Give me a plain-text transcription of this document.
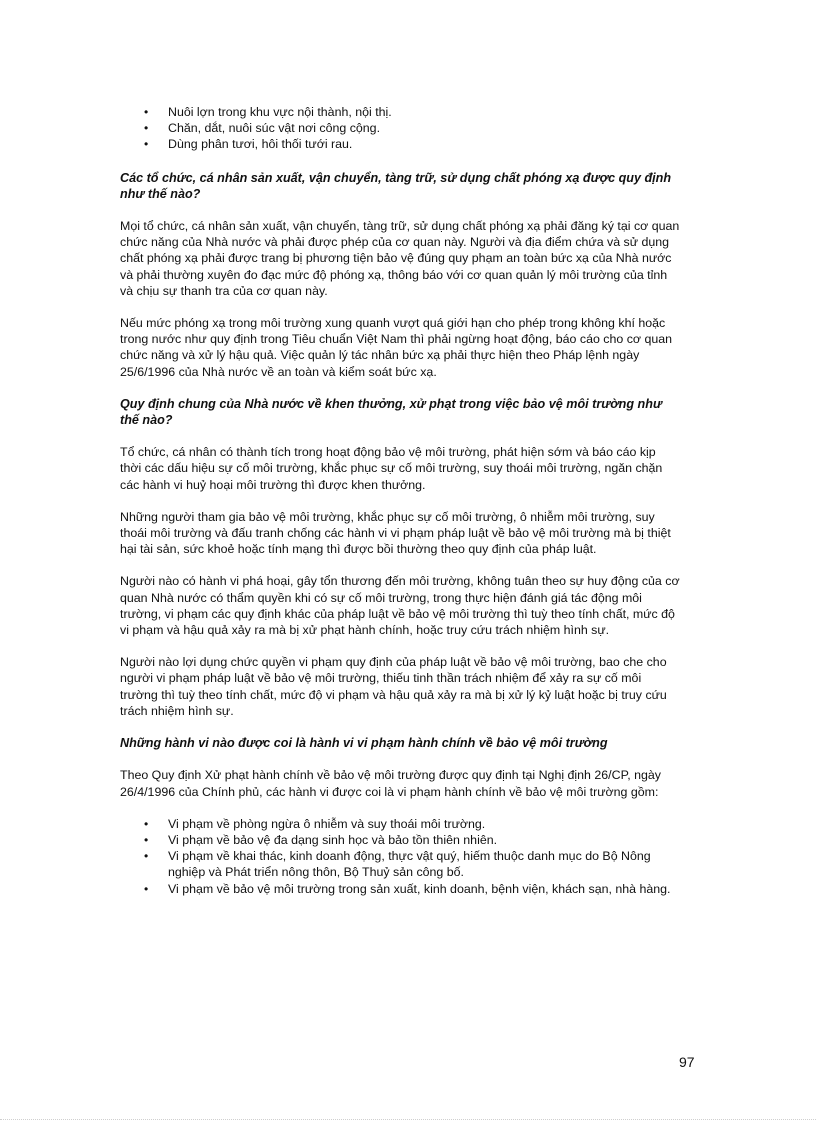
• Nuôi lợn trong khu vực nội thành, nội thị.
• Chăn, dắt, nuôi súc vật nơi công cộng.
• Dùng phân tươi, hôi thối tưới rau.

Các tổ chức, cá nhân sản xuất, vận chuyển, tàng trữ, sử dụng chất phóng xạ được quy định như thế nào?

Mọi tổ chức, cá nhân sản xuất, vận chuyển, tàng trữ, sử dụng chất phóng xạ phải đăng ký tại cơ quan chức năng của Nhà nước và phải được phép của cơ quan này. Người và địa điểm chứa và sử dụng chất phóng xạ phải được trang bị phương tiện bảo vệ đúng quy phạm an toàn bức xạ của Nhà nước và phải thường xuyên đo đạc mức độ phóng xạ, thông báo với cơ quan quản lý môi trường của tỉnh và chịu sự thanh tra của cơ quan này.

Nếu mức phóng xạ trong môi trường xung quanh vượt quá giới hạn cho phép trong không khí hoặc trong nước như quy định trong Tiêu chuẩn Việt Nam thì phải ngừng hoạt động, báo cáo cho cơ quan chức năng và xử lý hậu quả. Việc quản lý tác nhân bức xạ phải thực hiện theo Pháp lệnh ngày 25/6/1996 của Nhà nước về an toàn và kiểm soát bức xạ.

Quy định chung của Nhà nước về khen thưởng, xử phạt trong việc bảo vệ môi trường như thế nào?

Tổ chức, cá nhân có thành tích trong hoạt động bảo vệ môi trường, phát hiện sớm và báo cáo kịp thời các dấu hiệu sự cố môi trường, khắc phục sự cố môi trường, suy thoái môi trường, ngăn chặn các hành vi huỷ hoại môi trường thì được khen thưởng.

Những người tham gia bảo vệ môi trường, khắc phục sự cố môi trường, ô nhiễm môi trường, suy thoái môi trường và đấu tranh chống các hành vi vi phạm pháp luật về bảo vệ môi trường mà bị thiệt hại tài sản, sức khoẻ hoặc tính mạng thì được bồi thường theo quy định của pháp luật.

Người nào có hành vi phá hoại, gây tổn thương đến môi trường, không tuân theo sự huy động của cơ quan Nhà nước có thẩm quyền khi có sự cố môi trường, trong thực hiện đánh giá tác động môi trường, vi phạm các quy định khác của pháp luật về bảo vệ môi trường thì tuỳ theo tính chất, mức độ vi phạm và hậu quả xảy ra mà bị xử phạt hành chính, hoặc truy cứu trách nhiệm hình sự.

Người nào lợi dụng chức quyền vi phạm quy định của pháp luật về bảo vệ môi trường, bao che cho người vi phạm pháp luật về bảo vệ môi trường, thiếu tinh thần trách nhiệm để xảy ra sự cố môi trường thì tuỳ theo tính chất, mức độ vi phạm và hậu quả xảy ra mà bị xử lý kỷ luật hoặc bị truy cứu trách nhiệm hình sự.

Những hành vi nào được coi là hành vi vi phạm hành chính về bảo vệ môi trường

Theo Quy định Xử phạt hành chính về bảo vệ môi trường được quy định tại Nghị định 26/CP, ngày 26/4/1996 của Chính phủ, các hành vi được coi là vi phạm hành chính về bảo vệ môi trường gồm:

• Vi phạm về phòng ngừa ô nhiễm và suy thoái môi trường.
• Vi phạm về bảo vệ đa dạng sinh học và bảo tồn thiên nhiên.
• Vi phạm về khai thác, kinh doanh động, thực vật quý, hiếm thuộc danh mục do Bộ Nông nghiệp và Phát triển nông thôn, Bộ Thuỷ sản công bố.
• Vi phạm về bảo vệ môi trường trong sản xuất, kinh doanh, bệnh viện, khách sạn, nhà hàng.
97
